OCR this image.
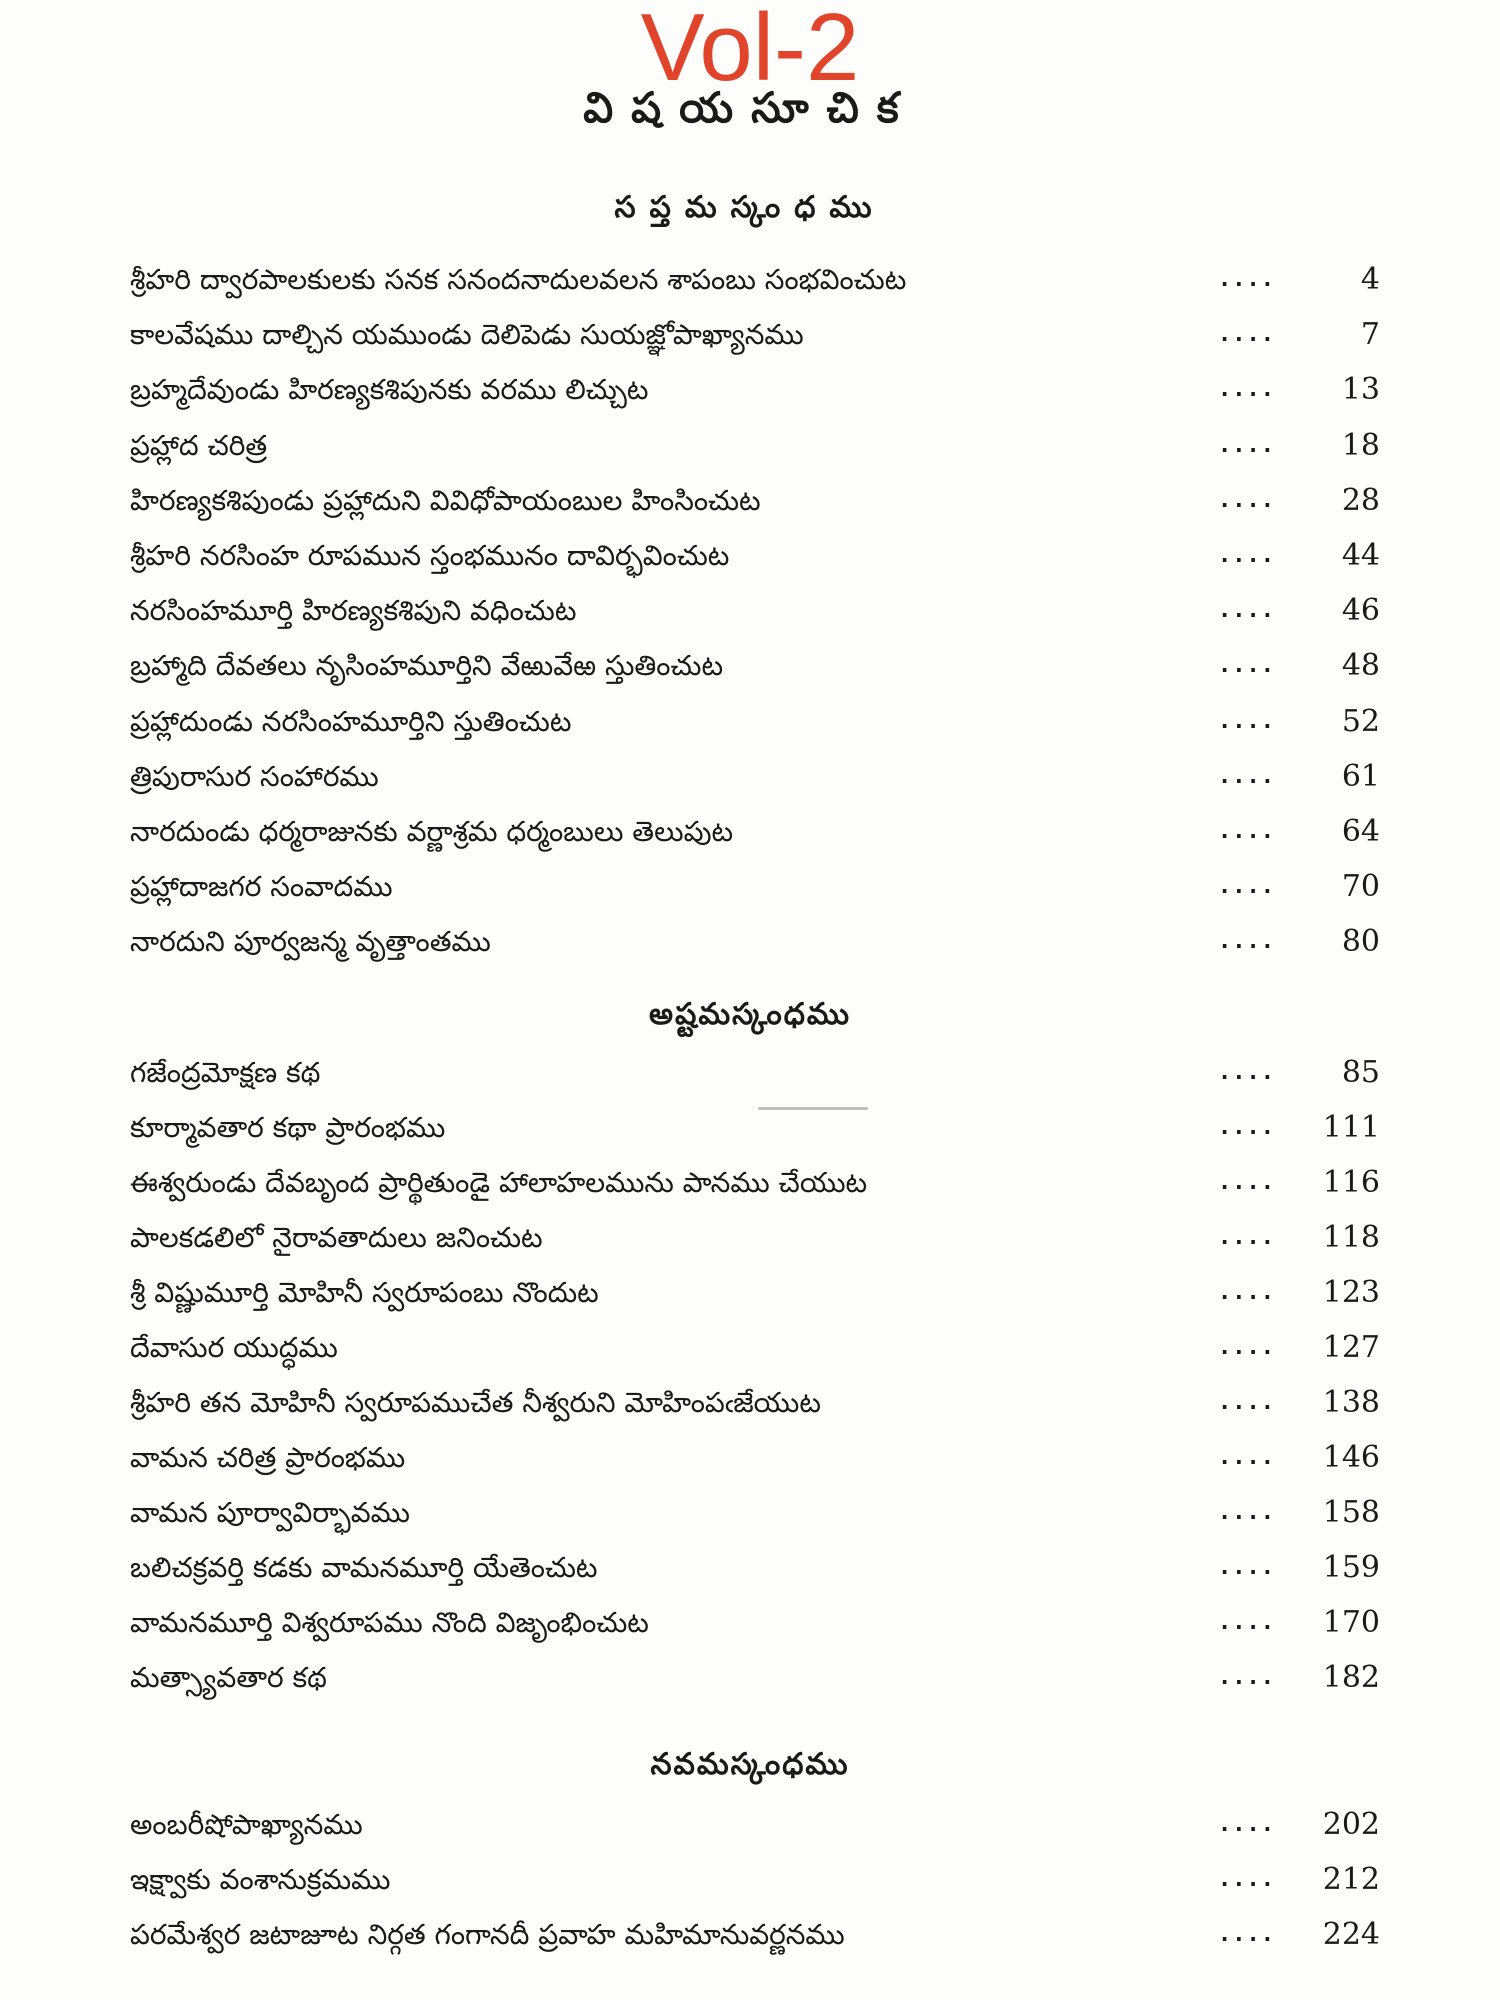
Vol-2
విషయసూచిక
సప్తమస్కంధము
అష్టమస్కంధము
నవమస్కంధము
శ్రీహరి ద్వారపాలకులకు సనక సనందనాదులవలన శాపంబు సంభవించుట	....	4
కాలవేషము దాల్చిన యముండు దెలిపెడు సుయజ్ఞోపాఖ్యానము	....	7
బ్రహ్మదేవుండు హిరణ్యకశిపునకు వరము లిచ్చుట	....	13
ప్రహ్లాద చరిత్ర	....	18
హిరణ్యకశిపుండు ప్రహ్లాదుని వివిధోపాయంబుల హింసించుట	....	28
శ్రీహరి నరసింహ రూపమున స్తంభమునం దావిర్భవించుట	....	44
నరసింహమూర్తి హిరణ్యకశిపుని వధించుట	....	46
బ్రహ్మాది దేవతలు నృసింహమూర్తిని వేఱువేఱ స్తుతించుట	....	48
ప్రహ్లాదుండు నరసింహమూర్తిని స్తుతించుట	....	52
త్రిపురాసుర సంహారము	....	61
నారదుండు ధర్మరాజునకు వర్ణాశ్రమ ధర్మంబులు తెలుపుట	....	64
ప్రహ్లాదాజగర సంవాదము	....	70
నారదుని పూర్వజన్మ వృత్తాంతము	....	80
గజేంద్రమోక్షణ కథ	....	85
కూర్మావతార కథా ప్రారంభము	....	111
ఈశ్వరుండు దేవబృంద ప్రార్థితుండై హాలాహలమును పానము చేయుట	....	116
పాలకడలిలో నైరావతాదులు జనించుట	....	118
శ్రీ విష్ణుమూర్తి మోహినీ స్వరూపంబు నొందుట	....	123
దేవాసుర యుద్ధము	....	127
శ్రీహరి తన మోహినీ స్వరూపముచేత నీశ్వరుని మోహింపఁజేయుట	....	138
వామన చరిత్ర ప్రారంభము	....	146
వామన పూర్వావిర్భావము	....	158
బలిచక్రవర్తి కడకు వామనమూర్తి యేతెంచుట	....	159
వామనమూర్తి విశ్వరూపము నొంది విజృంభించుట	....	170
మత్స్యావతార కథ	....	182
అంబరీషోపాఖ్యానము	....	202
ఇక్ష్వాకు వంశానుక్రమము	....	212
పరమేశ్వర జటాజూట నిర్గత గంగానదీ ప్రవాహ మహిమానువర్ణనము	....	224
